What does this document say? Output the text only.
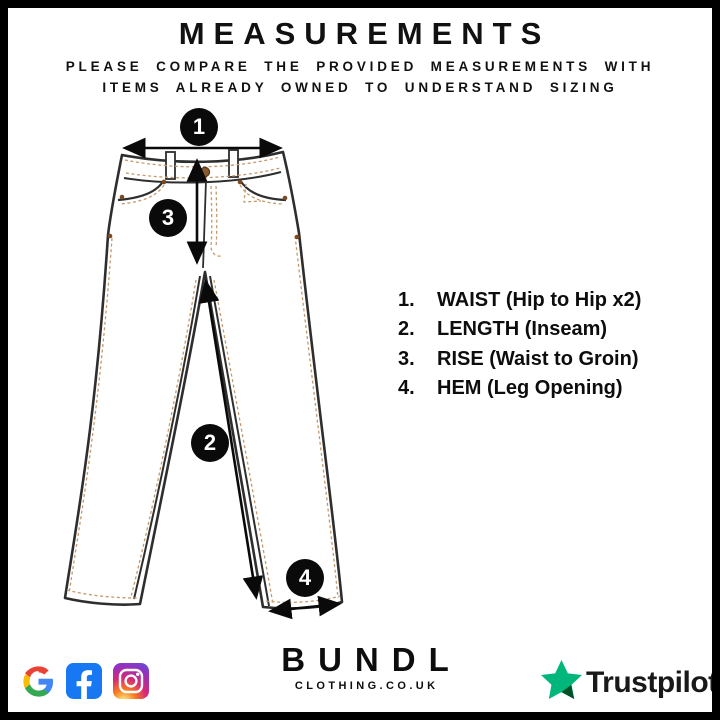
MEASUREMENTS
PLEASE COMPARE THE PROVIDED MEASUREMENTS WITH
ITEMS ALREADY OWNED TO UNDERSTAND SIZING
1
2
3
4
1.	WAIST (Hip to Hip x2)
2.	LENGTH (Inseam)
3.	RISE (Waist to Groin)
4.	HEM (Leg Opening)
BUNDL
CLOTHING.CO.UK	Trustpilot
